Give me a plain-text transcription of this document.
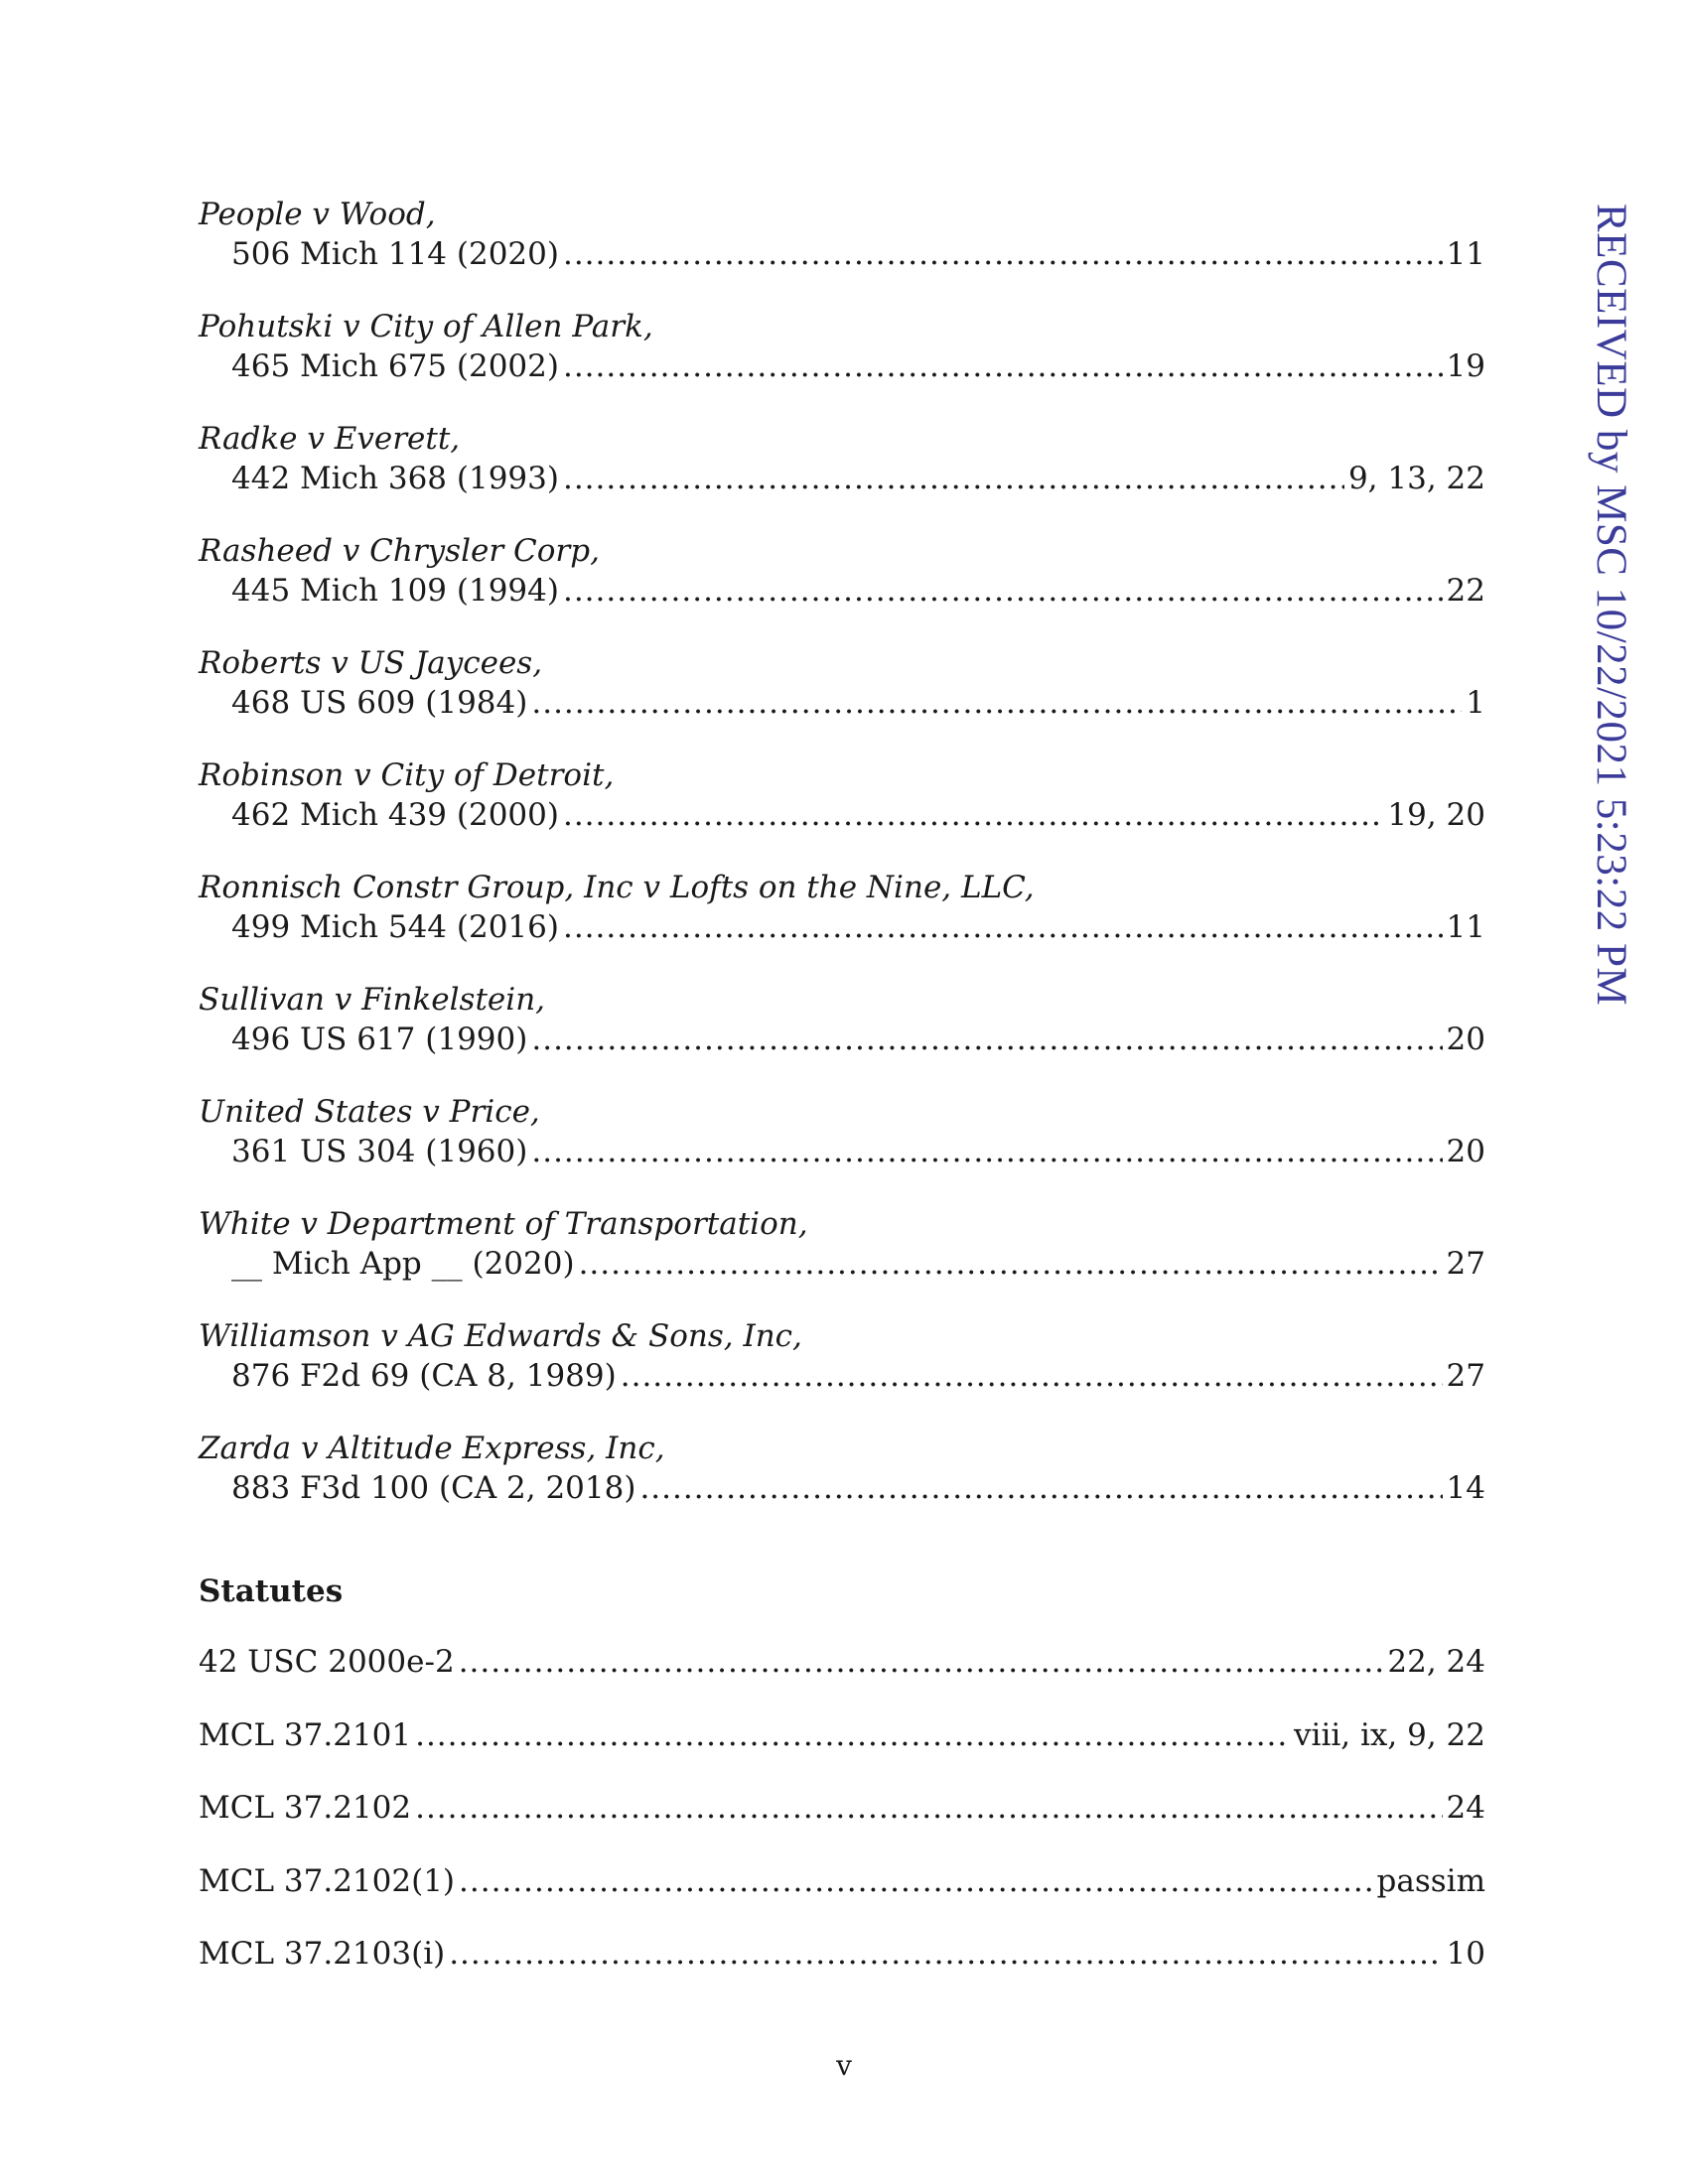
People v Wood,
506 Mich 114 (2020) .....	11
Pohutski v City of Allen Park,
465 Mich 675 (2002) .....	19
Radke v Everett,
442 Mich 368 (1993) .....	9, 13, 22
Rasheed v Chrysler Corp,
445 Mich 109 (1994) .....	22
Roberts v US Jaycees,
468 US 609 (1984) .....	1
Robinson v City of Detroit,
462 Mich 439 (2000) .....	19, 20
Ronnisch Constr Group, Inc v Lofts on the Nine, LLC,
499 Mich 544 (2016) .....	11
Sullivan v Finkelstein,
496 US 617 (1990) .....	20
United States v Price,
361 US 304 (1960) .....	20
White v Department of Transportation,
__ Mich App __ (2020) .....	27
Williamson v AG Edwards & Sons, Inc,
876 F2d 69 (CA 8, 1989) .....	27
Zarda v Altitude Express, Inc,
883 F3d 100 (CA 2, 2018) .....	14
Statutes
42 USC 2000e-2 .....	22, 24
MCL 37.2101 .....	viii, ix, 9, 22
MCL 37.2102 .....	24
MCL 37.2102(1) .....	passim
MCL 37.2103(i) .....	10
v
RECEIVED by MSC 10/22/2021 5:23:22 PM
